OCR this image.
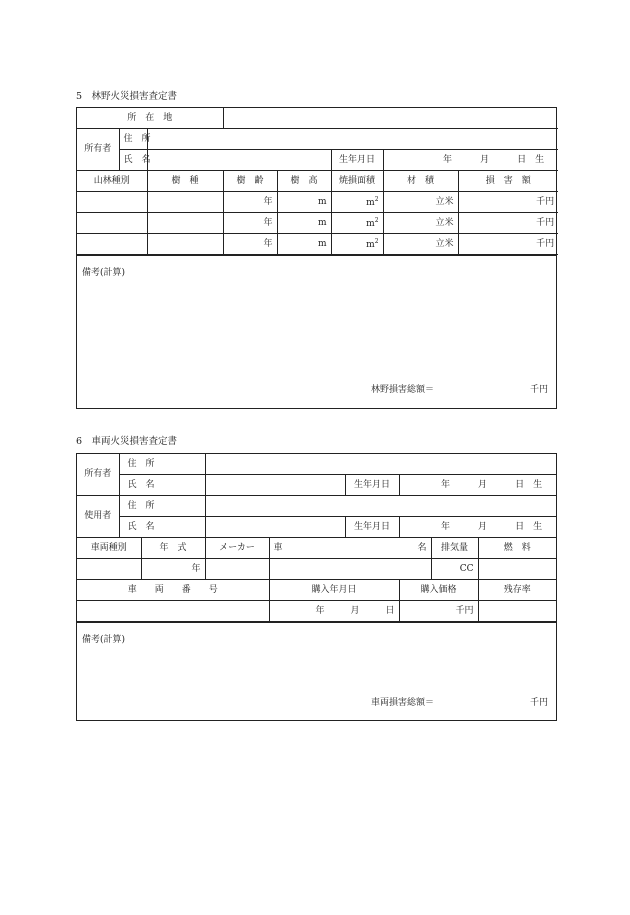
5　林野火災損害査定書
所　在　地							
所有者	住　所						
	氏　名				生年月日	年 月 日　生	

山林種別		樹　種	樹　齢	樹　高	焼損面積	材　積	損　害　額
			年	m	$m^2$	立米	千円
			年	m	$m^2$	立米	千円
			年	m	$m^2$	立米	千円
備考(計算)
林野損害総額＝	千円
6　車両火災損害査定書
所有者	住　所							
	氏　名				生年月日	年 月 日　生		

使用者	住　所							
	氏　名				生年月日	年 月 日　生		

車両種別		年　式	メーカー	車 名			排気量	燃　料
		年					CC	
車　　両　　番　　号				購入年月日		購入価格		残存率

				年 月 日		千円		
備考(計算)
車両損害総額＝	千円
